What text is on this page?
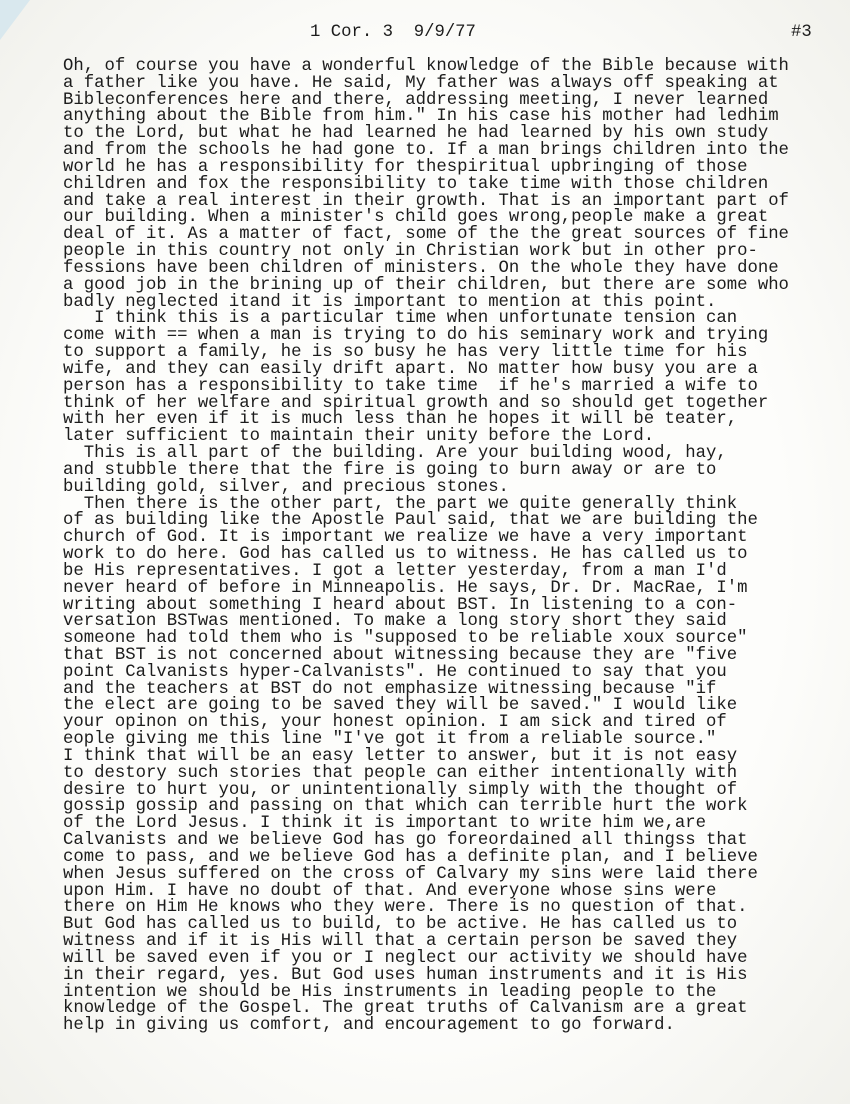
1 Cor. 3  9/9/77	#3
Oh, of course you have a wonderful knowledge of the Bible because with
a father like you have. He said, My father was always off speaking at
Bibleconferences here and there, addressing meeting, I never learned
anything about the Bible from him." In his case his mother had ledhim
to the Lord, but what he had learned he had learned by his own study
and from the schools he had gone to. If a man brings children into the
world he has a responsibility for thespiritual upbringing of those
children and fox the responsibility to take time with those children
and take a real interest in their growth. That is an important part of
our building. When a minister's child goes wrong,people make a great
deal of it. As a matter of fact, some of the the great sources of fine
people in this country not only in Christian work but in other pro-
fessions have been children of ministers. On the whole they have done
a good job in the brining up of their children, but there are some who
badly neglected itand it is important to mention at this point.
I think this is a particular time when unfortunate tension can
come with == when a man is trying to do his seminary work and trying
to support a family, he is so busy he has very little time for his
wife, and they can easily drift apart. No matter how busy you are a
person has a responsibility to take time  if he's married a wife to
think of her welfare and spiritual growth and so should get together
with her even if it is much less than he hopes it will be teater,
later sufficient to maintain their unity before the Lord.
This is all part of the building. Are your building wood, hay,
and stubble there that the fire is going to burn away or are to
building gold, silver, and precious stones.
Then there is the other part, the part we quite generally think
of as building like the Apostle Paul said, that we are building the
church of God. It is important we realize we have a very important
work to do here. God has called us to witness. He has called us to
be His representatives. I got a letter yesterday, from a man I'd
never heard of before in Minneapolis. He says, Dr. Dr. MacRae, I'm
writing about something I heard about BST. In listening to a con-
versation BSTwas mentioned. To make a long story short they said
someone had told them who is "supposed to be reliable xoux source"
that BST is not concerned about witnessing because they are "five
point Calvanists hyper-Calvanists". He continued to say that you
and the teachers at BST do not emphasize witnessing because "if
the elect are going to be saved they will be saved." I would like
your opinon on this, your honest opinion. I am sick and tired of
eople giving me this line "I've got it from a reliable source."
I think that will be an easy letter to answer, but it is not easy
to destory such stories that people can either intentionally with
desire to hurt you, or unintentionally simply with the thought of
gossip gossip and passing on that which can terrible hurt the work
of the Lord Jesus. I think it is important to write him we,are
Calvanists and we believe God has go foreordained all thingss that
come to pass, and we believe God has a definite plan, and I believe
when Jesus suffered on the cross of Calvary my sins were laid there
upon Him. I have no doubt of that. And everyone whose sins were
there on Him He knows who they were. There is no question of that.
But God has called us to build, to be active. He has called us to
witness and if it is His will that a certain person be saved they
will be saved even if you or I neglect our activity we should have
in their regard, yes. But God uses human instruments and it is His
intention we should be His instruments in leading people to the
knowledge of the Gospel. The great truths of Calvanism are a great
help in giving us comfort, and encouragement to go forward.
